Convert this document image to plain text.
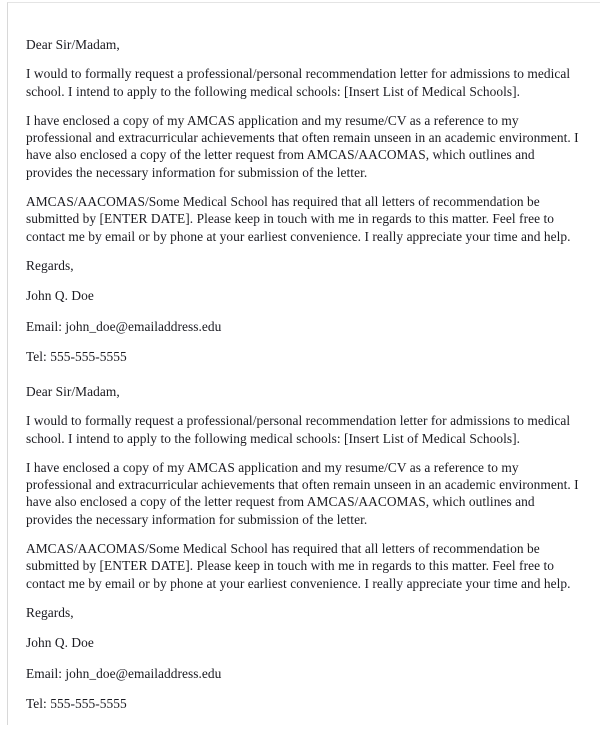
Dear Sir/Madam,

I would to formally request a professional/personal recommendation letter for admissions to medical school. I intend to apply to the following medical schools: [Insert List of Medical Schools].

I have enclosed a copy of my AMCAS application and my resume/CV as a reference to my professional and extracurricular achievements that often remain unseen in an academic environment. I have also enclosed a copy of the letter request from AMCAS/AACOMAS, which outlines and provides the necessary information for submission of the letter.

AMCAS/AACOMAS/Some Medical School has required that all letters of recommendation be submitted by [ENTER DATE]. Please keep in touch with me in regards to this matter. Feel free to contact me by email or by phone at your earliest convenience. I really appreciate your time and help.

Regards,

John Q. Doe

Email: john_doe@emailaddress.edu

Tel: 555-555-5555

Dear Sir/Madam,

I would to formally request a professional/personal recommendation letter for admissions to medical school. I intend to apply to the following medical schools: [Insert List of Medical Schools].

I have enclosed a copy of my AMCAS application and my resume/CV as a reference to my professional and extracurricular achievements that often remain unseen in an academic environment. I have also enclosed a copy of the letter request from AMCAS/AACOMAS, which outlines and provides the necessary information for submission of the letter.

AMCAS/AACOMAS/Some Medical School has required that all letters of recommendation be submitted by [ENTER DATE]. Please keep in touch with me in regards to this matter. Feel free to contact me by email or by phone at your earliest convenience. I really appreciate your time and help.

Regards,

John Q. Doe

Email: john_doe@emailaddress.edu

Tel: 555-555-5555
